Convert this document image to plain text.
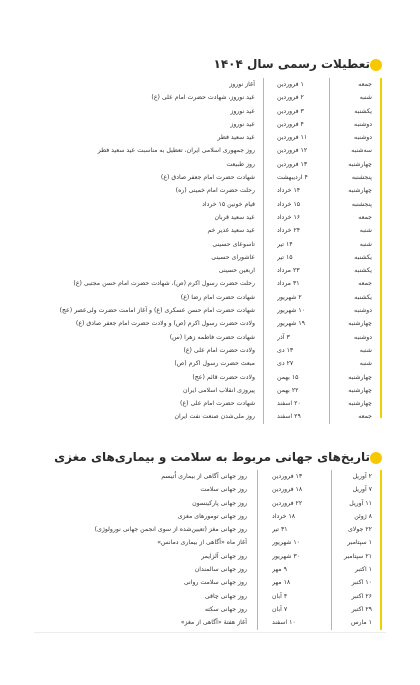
تعطیلات رسمی سال ۱۴۰۴
جمعه
۱ فروردین
آغاز نوروز
شنبه
۲ فروردین
عید نوروز، شهادت حضرت امام علی (ع)
یکشنبه
۳ فروردین
عید نوروز
دوشنبه
۴ فروردین
عید نوروز
دوشنبه
۱۱ فروردین
عید سعید فطر
سه‌شنبه
۱۲ فروردین
روز جمهوری اسلامی ایران، تعطیل به مناسبت عید سعید فطر
چهارشنبه
۱۳ فروردین
روز طبیعت
پنجشنبه
۴ اردیبهشت
شهادت حضرت امام جعفر صادق (ع)
چهارشنبه
۱۴ خرداد
رحلت حضرت امام خمینی (ره)
پنجشنبه
۱۵ خرداد
قیام خونین ۱۵ خرداد
جمعه
۱۶ خرداد
عید سعید قربان
شنبه
۲۴ خرداد
عید سعید غدیر خم
شنبه
۱۴ تیر
تاسوعای حسینی
یکشنبه
۱۵ تیر
عاشورای حسینی
یکشنبه
۲۳ مرداد
اربعین حسینی
جمعه
۳۱ مرداد
رحلت حضرت رسول اکرم (ص)، شهادت حضرت امام حسن مجتبی (ع)
یکشنبه
۲ شهریور
شهادت حضرت امام رضا (ع)
دوشنبه
۱۰ شهریور
شهادت حضرت امام حسن عسکری (ع) و آغاز امامت حضرت ولی‌عصر (عج)
چهارشنبه
۱۹ شهریور
ولادت حضرت رسول اکرم (ص) و ولادت حضرت امام جعفر صادق (ع)
دوشنبه
۳ آذر
شهادت حضرت فاطمه زهرا (س)
شنبه
۱۳ دی
ولادت حضرت امام علی (ع)
شنبه
۲۷ دی
مبعث حضرت رسول اکرم (ص)
چهارشنبه
۱۵ بهمن
ولادت حضرت قائم (عج)
چهارشنبه
۲۲ بهمن
پیروزی انقلاب اسلامی ایران
چهارشنبه
۲۰ اسفند
شهادت حضرت امام علی (ع)
جمعه
۲۹ اسفند
روز ملی‌شدن صنعت نفت ایران
تاریخ‌های جهانی مربوط به سلامت و بیماری‌های مغزی
۲ آوریل
۱۳ فروردین
روز جهانی آگاهی از بیماری اُتیسم
۷ آوریل
۱۸ فروردین
روز جهانی سلامت
۱۱ آوریل
۲۲ فروردین
روز جهانی پارکینسون
۸ ژوئن
۱۸ خرداد
روز جهانی تومورهای مغزی
۲۲ جولای
۳۱ تیر
روز جهانی مغز (تعیین‌شده از سوی انجمن جهانی نورولوژی)
۱ سپتامبر
۱۰ شهریور
آغاز ماه «آگاهی از بیماری دمانس»
۲۱ سپتامبر
۳۰ شهریور
روز جهانی آلزایمر
۱ اکتبر
۹ مهر
روز جهانی سالمندان
۱۰ اکتبر
۱۸ مهر
روز جهانی سلامت روانی
۲۶ اکتبر
۴ آبان
روز جهانی چاقی
۲۹ اکتبر
۷ آبان
روز جهانی سکته
۱ مارس
۱۰ اسفند
آغاز هفتهٔ «آگاهی از مغز»
